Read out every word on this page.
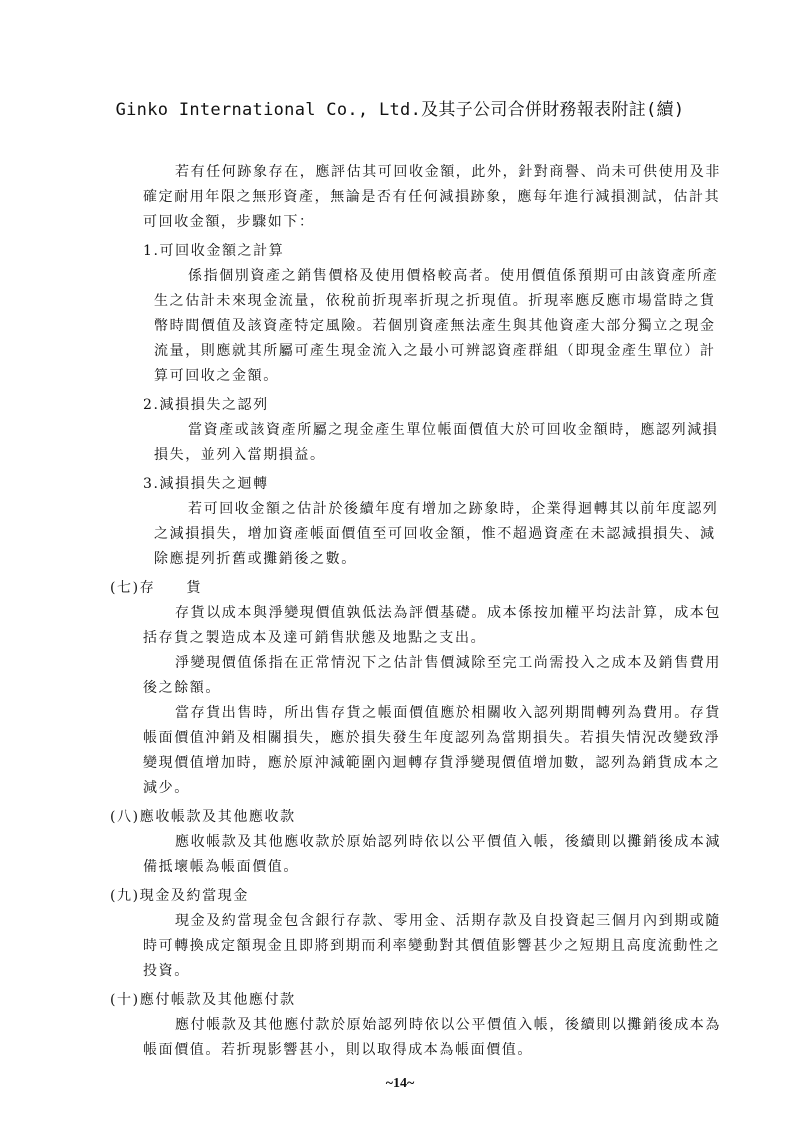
Ginko International Co., Ltd.及其子公司合併財務報表附註(續)
若有任何跡象存在，應評估其可回收金額，此外，針對商譽、尚未可供使用及非
確定耐用年限之無形資產，無論是否有任何減損跡象，應每年進行減損測試，估計其
可回收金額，步驟如下：
1.可回收金額之計算
係指個別資產之銷售價格及使用價格較高者。使用價值係預期可由該資產所產
生之估計未來現金流量，依稅前折現率折現之折現值。折現率應反應市場當時之貨
幣時間價值及該資產特定風險。若個別資產無法產生與其他資產大部分獨立之現金
流量，則應就其所屬可產生現金流入之最小可辨認資產群組（即現金產生單位）計
算可回收之金額。
2.減損損失之認列
當資產或該資產所屬之現金產生單位帳面價值大於可回收金額時，應認列減損
損失，並列入當期損益。
3.減損損失之迴轉
若可回收金額之估計於後續年度有增加之跡象時，企業得迴轉其以前年度認列
之減損損失，增加資產帳面價值至可回收金額，惟不超過資產在未認減損損失、減
除應提列折舊或攤銷後之數。
(七)存　　貨
存貨以成本與淨變現價值孰低法為評價基礎。成本係按加權平均法計算，成本包
括存貨之製造成本及達可銷售狀態及地點之支出。
淨變現價值係指在正常情況下之估計售價減除至完工尚需投入之成本及銷售費用
後之餘額。
當存貨出售時，所出售存貨之帳面價值應於相關收入認列期間轉列為費用。存貨
帳面價值沖銷及相關損失，應於損失發生年度認列為當期損失。若損失情況改變致淨
變現價值增加時，應於原沖減範圍內迴轉存貨淨變現價值增加數，認列為銷貨成本之
減少。
(八)應收帳款及其他應收款
應收帳款及其他應收款於原始認列時依以公平價值入帳，後續則以攤銷後成本減
備抵壞帳為帳面價值。
(九)現金及約當現金
現金及約當現金包含銀行存款、零用金、活期存款及自投資起三個月內到期或隨
時可轉換成定額現金且即將到期而利率變動對其價值影響甚少之短期且高度流動性之
投資。
(十)應付帳款及其他應付款
應付帳款及其他應付款於原始認列時依以公平價值入帳，後續則以攤銷後成本為
帳面價值。若折現影響甚小，則以取得成本為帳面價值。
~14~
